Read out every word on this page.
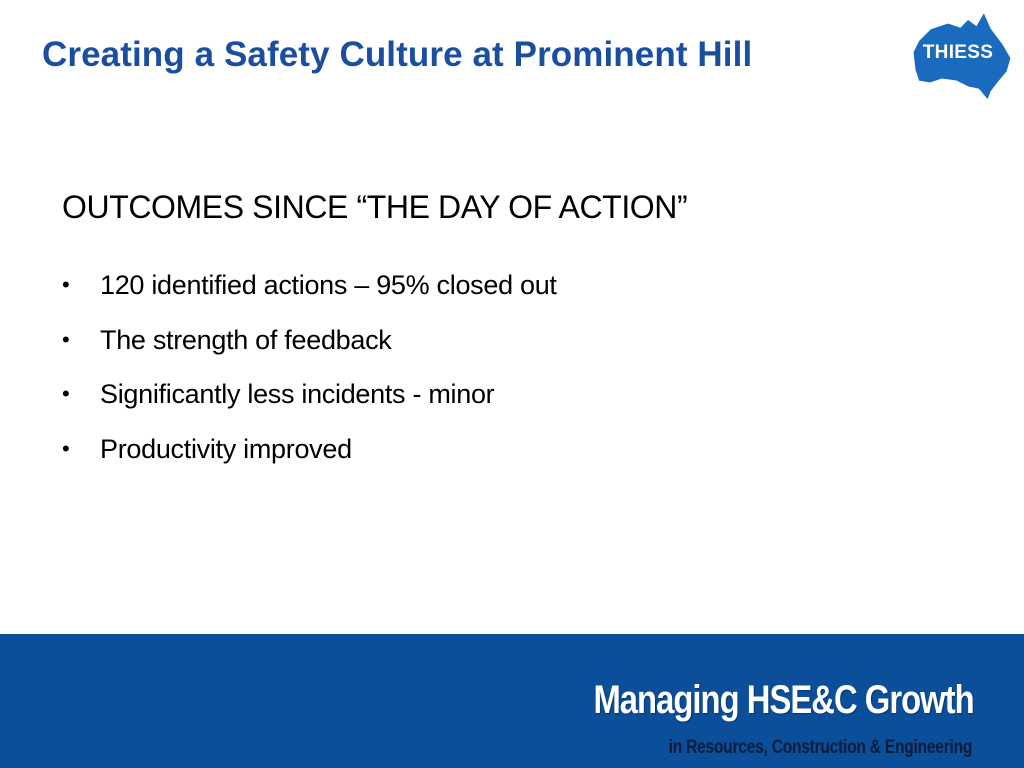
Creating a Safety Culture at Prominent Hill	THIESS
OUTCOMES SINCE “THE DAY OF ACTION”
•	120 identified actions – 95% closed out
•	The strength of feedback
•	Significantly less incidents - minor
•	Productivity improved

Managing HSE&C Growth

in Resources, Construction & Engineering
